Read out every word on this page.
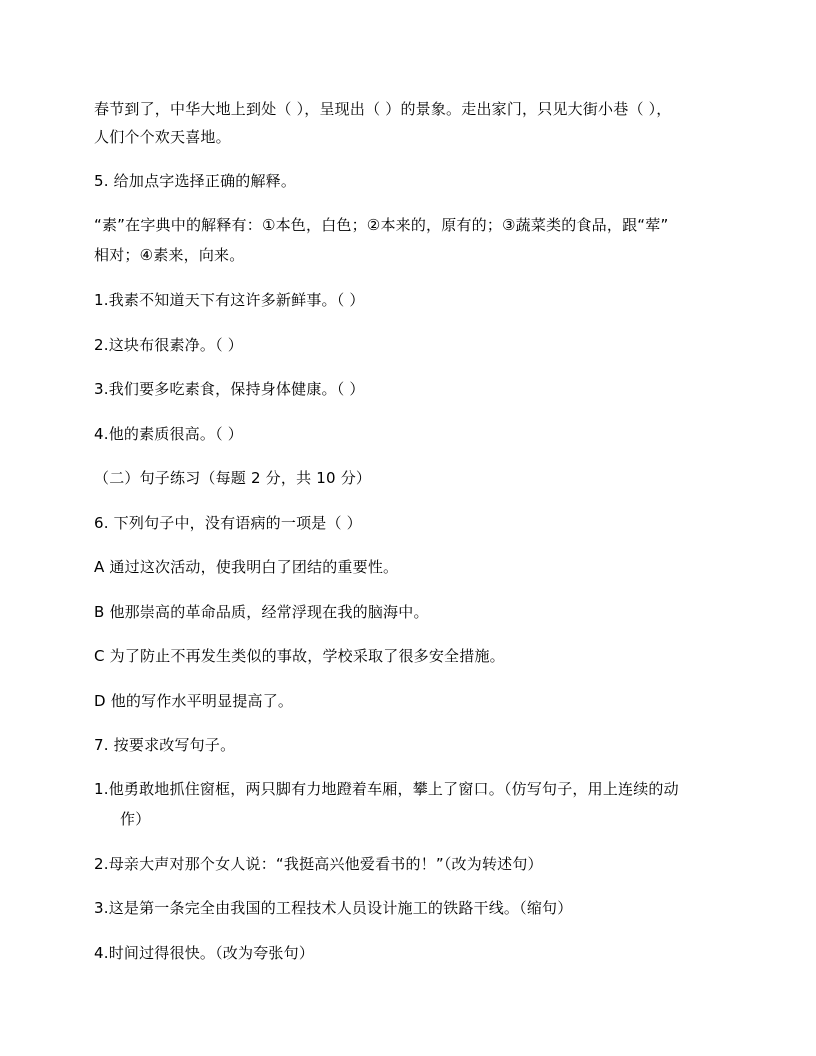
春节到了，中华大地上到处（ ），呈现出（ ）的景象。走出家门，只见大街小巷（ ），
人们个个欢天喜地。
5. 给加点字选择正确的解释。
“素”在字典中的解释有：①本色，白色；②本来的，原有的；③蔬菜类的食品，跟“荤”
相对；④素来，向来。
1.我素不知道天下有这许多新鲜事。（ ）
2.这块布很素净。（ ）
3.我们要多吃素食，保持身体健康。（ ）
4.他的素质很高。（ ）
（二）句子练习（每题 2 分，共 10 分）
6. 下列句子中，没有语病的一项是（ ）
A 通过这次活动，使我明白了团结的重要性。
B 他那崇高的革命品质，经常浮现在我的脑海中。
C 为了防止不再发生类似的事故，学校采取了很多安全措施。
D 他的写作水平明显提高了。
7. 按要求改写句子。
1.他勇敢地抓住窗框，两只脚有力地蹬着车厢，攀上了窗口。（仿写句子，用上连续的动
作）
2.母亲大声对那个女人说：“我挺高兴他爱看书的！”（改为转述句）
3.这是第一条完全由我国的工程技术人员设计施工的铁路干线。（缩句）
4.时间过得很快。（改为夸张句）
